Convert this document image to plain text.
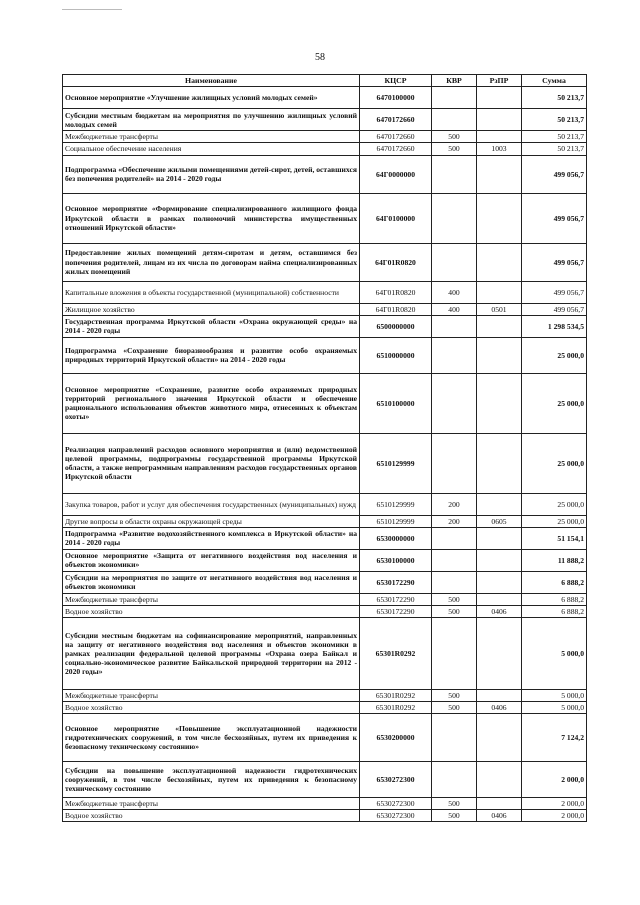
58
Наименование	КЦСР	КВР	РзПР	Сумма
Основное мероприятие «Улучшение жилищных условий молодых семей»	6470100000			50 213,7
Субсидии местным бюджетам на мероприятия по улучшению жилищных условий молодых семей	6470172660			50 213,7
Межбюджетные трансферты	6470172660	500		50 213,7
Социальное обеспечение населения	6470172660	500	1003	50 213,7
Подпрограмма «Обеспечение жилыми помещениями детей-сирот, детей, оставшихся без попечения родителей» на 2014 - 2020 годы	64Г0000000			499 056,7
Основное мероприятие «Формирование специализированного жилищного фонда Иркутской области в рамках полномочий министерства имущественных отношений Иркутской области»	64Г0100000			499 056,7
Предоставление жилых помещений детям-сиротам и детям, оставшимся без попечения родителей, лицам из их числа по договорам найма специализированных жилых помещений	64Г01R0820			499 056,7
Капитальные вложения в объекты государственной (муниципальной) собственности	64Г01R0820	400		499 056,7
Жилищное хозяйство	64Г01R0820	400	0501	499 056,7
Государственная программа Иркутской области «Охрана окружающей среды» на 2014 - 2020 годы	6500000000			1 298 534,5
Подпрограмма «Сохранение биоразнообразия и развитие особо охраняемых природных территорий Иркутской области» на 2014 - 2020 годы	6510000000			25 000,0
Основное мероприятие «Сохранение, развитие особо охраняемых природных территорий регионального значения Иркутской области и обеспечение рационального использования объектов животного мира, отнесенных к объектам охоты»	6510100000			25 000,0
Реализация направлений расходов основного мероприятия и (или) ведомственной целевой программы, подпрограммы государственной программы Иркутской области, а также непрограммным направлениям расходов государственных органов Иркутской области	6510129999			25 000,0
Закупка товаров, работ и услуг для обеспечения государственных (муниципальных) нужд	6510129999	200		25 000,0
Другие вопросы в области охраны окружающей среды	6510129999	200	0605	25 000,0
Подпрограмма «Развитие водохозяйственного комплекса в Иркутской области» на 2014 - 2020 годы	6530000000			51 154,1
Основное мероприятие «Защита от негативного воздействия вод населения и объектов экономики»	6530100000			11 888,2
Субсидии на мероприятия по защите от негативного воздействия вод населения и объектов экономики	6530172290			6 888,2
Межбюджетные трансферты	6530172290	500		6 888,2
Водное хозяйство	6530172290	500	0406	6 888,2
Субсидии местным бюджетам на софинансирование мероприятий, направленных на защиту от негативного воздействия вод населения и объектов экономики в рамках реализации федеральной целевой программы «Охрана озера Байкал и социально-экономическое развитие Байкальской природной территории на 2012 - 2020 годы»	65301R0292			5 000,0
Межбюджетные трансферты	65301R0292	500		5 000,0
Водное хозяйство	65301R0292	500	0406	5 000,0
Основное мероприятие «Повышение эксплуатационной надежности гидротехнических сооружений, в том числе бесхозяйных, путем их приведения к безопасному техническому состоянию»	6530200000			7 124,2
Субсидии на повышение эксплуатационной надежности гидротехнических сооружений, в том числе бесхозяйных, путем их приведения к безопасному техническому состоянию	6530272300			2 000,0
Межбюджетные трансферты	6530272300	500		2 000,0
Водное хозяйство	6530272300	500	0406	2 000,0
